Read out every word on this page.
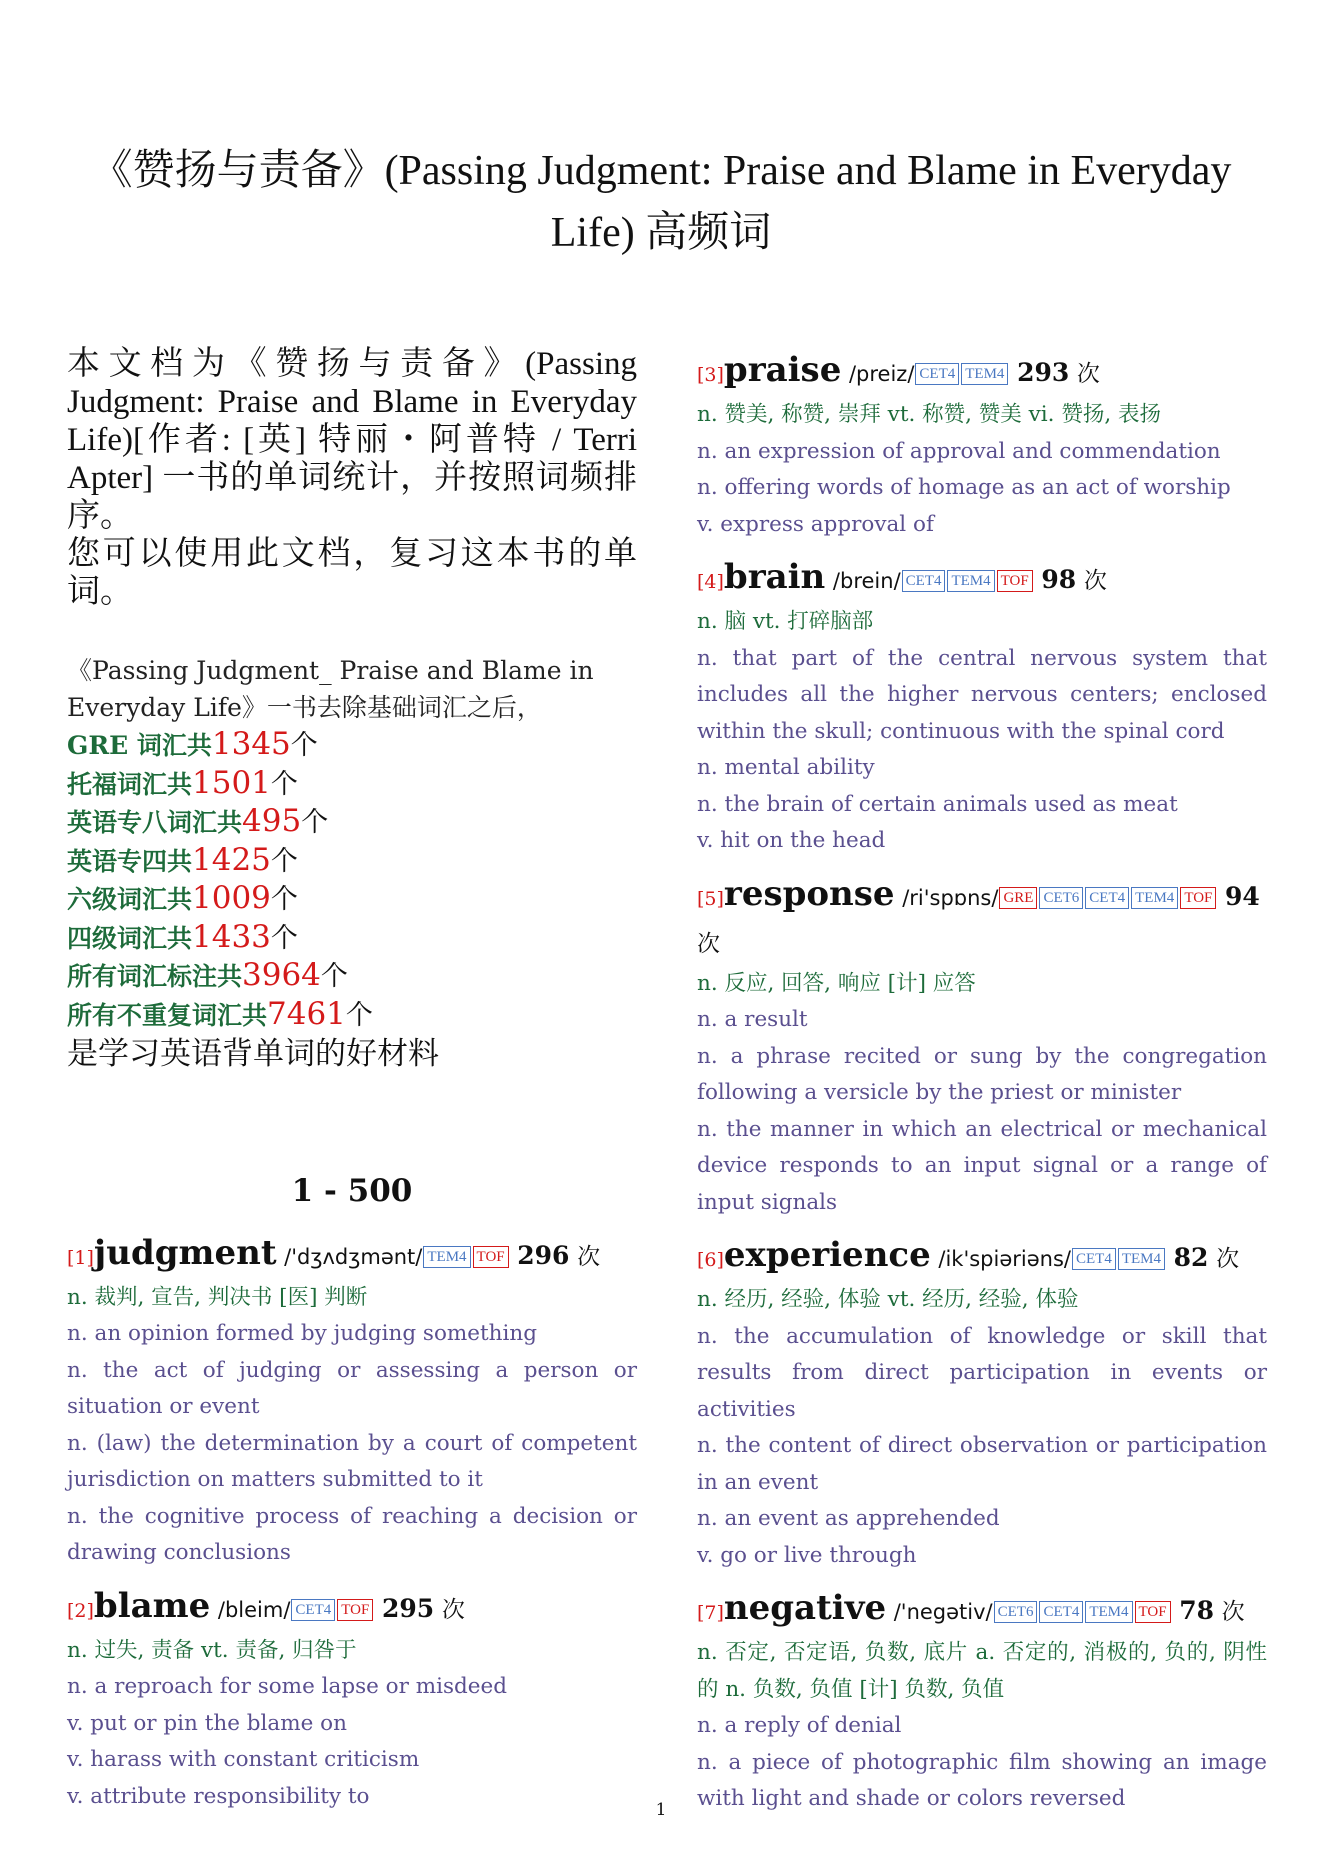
《赞扬与责备》(Passing Judgment: Praise and Blame in Everyday Life) 高频词

本文档为《赞扬与责备》(Passing Judgment: Praise and Blame in Everyday Life)[作者: [英] 特丽・阿普特 / Terri Apter] 一书的单词统计，并按照词频排序。

您可以使用此文档，复习这本书的单词。

《Passing Judgment_ Praise and Blame in Everyday Life》一书去除基础词汇之后，
GRE 词汇共1345个
托福词汇共1501个
英语专八词汇共495个
英语专四共1425个
六级词汇共1009个
四级词汇共1433个
所有词汇标注共3964个
所有不重复词汇共7461个
是学习英语背单词的好材料
1 - 500
[1]judgment /'dʒʌdʒmənt/ TEM4 TOF 296 次
n. 裁判, 宣告, 判决书 [医] 判断
n. an opinion formed by judging something
n. the act of judging or assessing a person or situation or event
n. (law) the determination by a court of competent jurisdiction on matters submitted to it
n. the cognitive process of reaching a decision or drawing conclusions
[2]blame /bleim/ CET4 TOF 295 次
n. 过失, 责备 vt. 责备, 归咎于
n. a reproach for some lapse or misdeed
v. put or pin the blame on
v. harass with constant criticism
v. attribute responsibility to
[3]praise /preiz/ CET4 TEM4 293 次
n. 赞美, 称赞, 崇拜 vt. 称赞, 赞美 vi. 赞扬, 表扬
n. an expression of approval and commendation
n. offering words of homage as an act of worship
v. express approval of
[4]brain /brein/ CET4 TEM4 TOF 98 次
n. 脑 vt. 打碎脑部
n. that part of the central nervous system that includes all the higher nervous centers; enclosed within the skull; continuous with the spinal cord
n. mental ability
n. the brain of certain animals used as meat
v. hit on the head
[5]response /ri'spɒns/ GRE CET6 CET4 TEM4 TOF 94 次
n. 反应, 回答, 响应 [计] 应答
n. a result
n. a phrase recited or sung by the congregation following a versicle by the priest or minister
n. the manner in which an electrical or mechanical device responds to an input signal or a range of input signals
[6]experience /ik'spiəriəns/ CET4 TEM4 82 次
n. 经历, 经验, 体验 vt. 经历, 经验, 体验
n. the accumulation of knowledge or skill that results from direct participation in events or activities
n. the content of direct observation or participation in an event
n. an event as apprehended
v. go or live through
[7]negative /'negətiv/ CET6 CET4 TEM4 TOF 78 次
n. 否定, 否定语, 负数, 底片 a. 否定的, 消极的, 负的, 阴性的 n. 负数, 负值 [计] 负数, 负值
n. a reply of denial
n. a piece of photographic film showing an image with light and shade or colors reversed
1
